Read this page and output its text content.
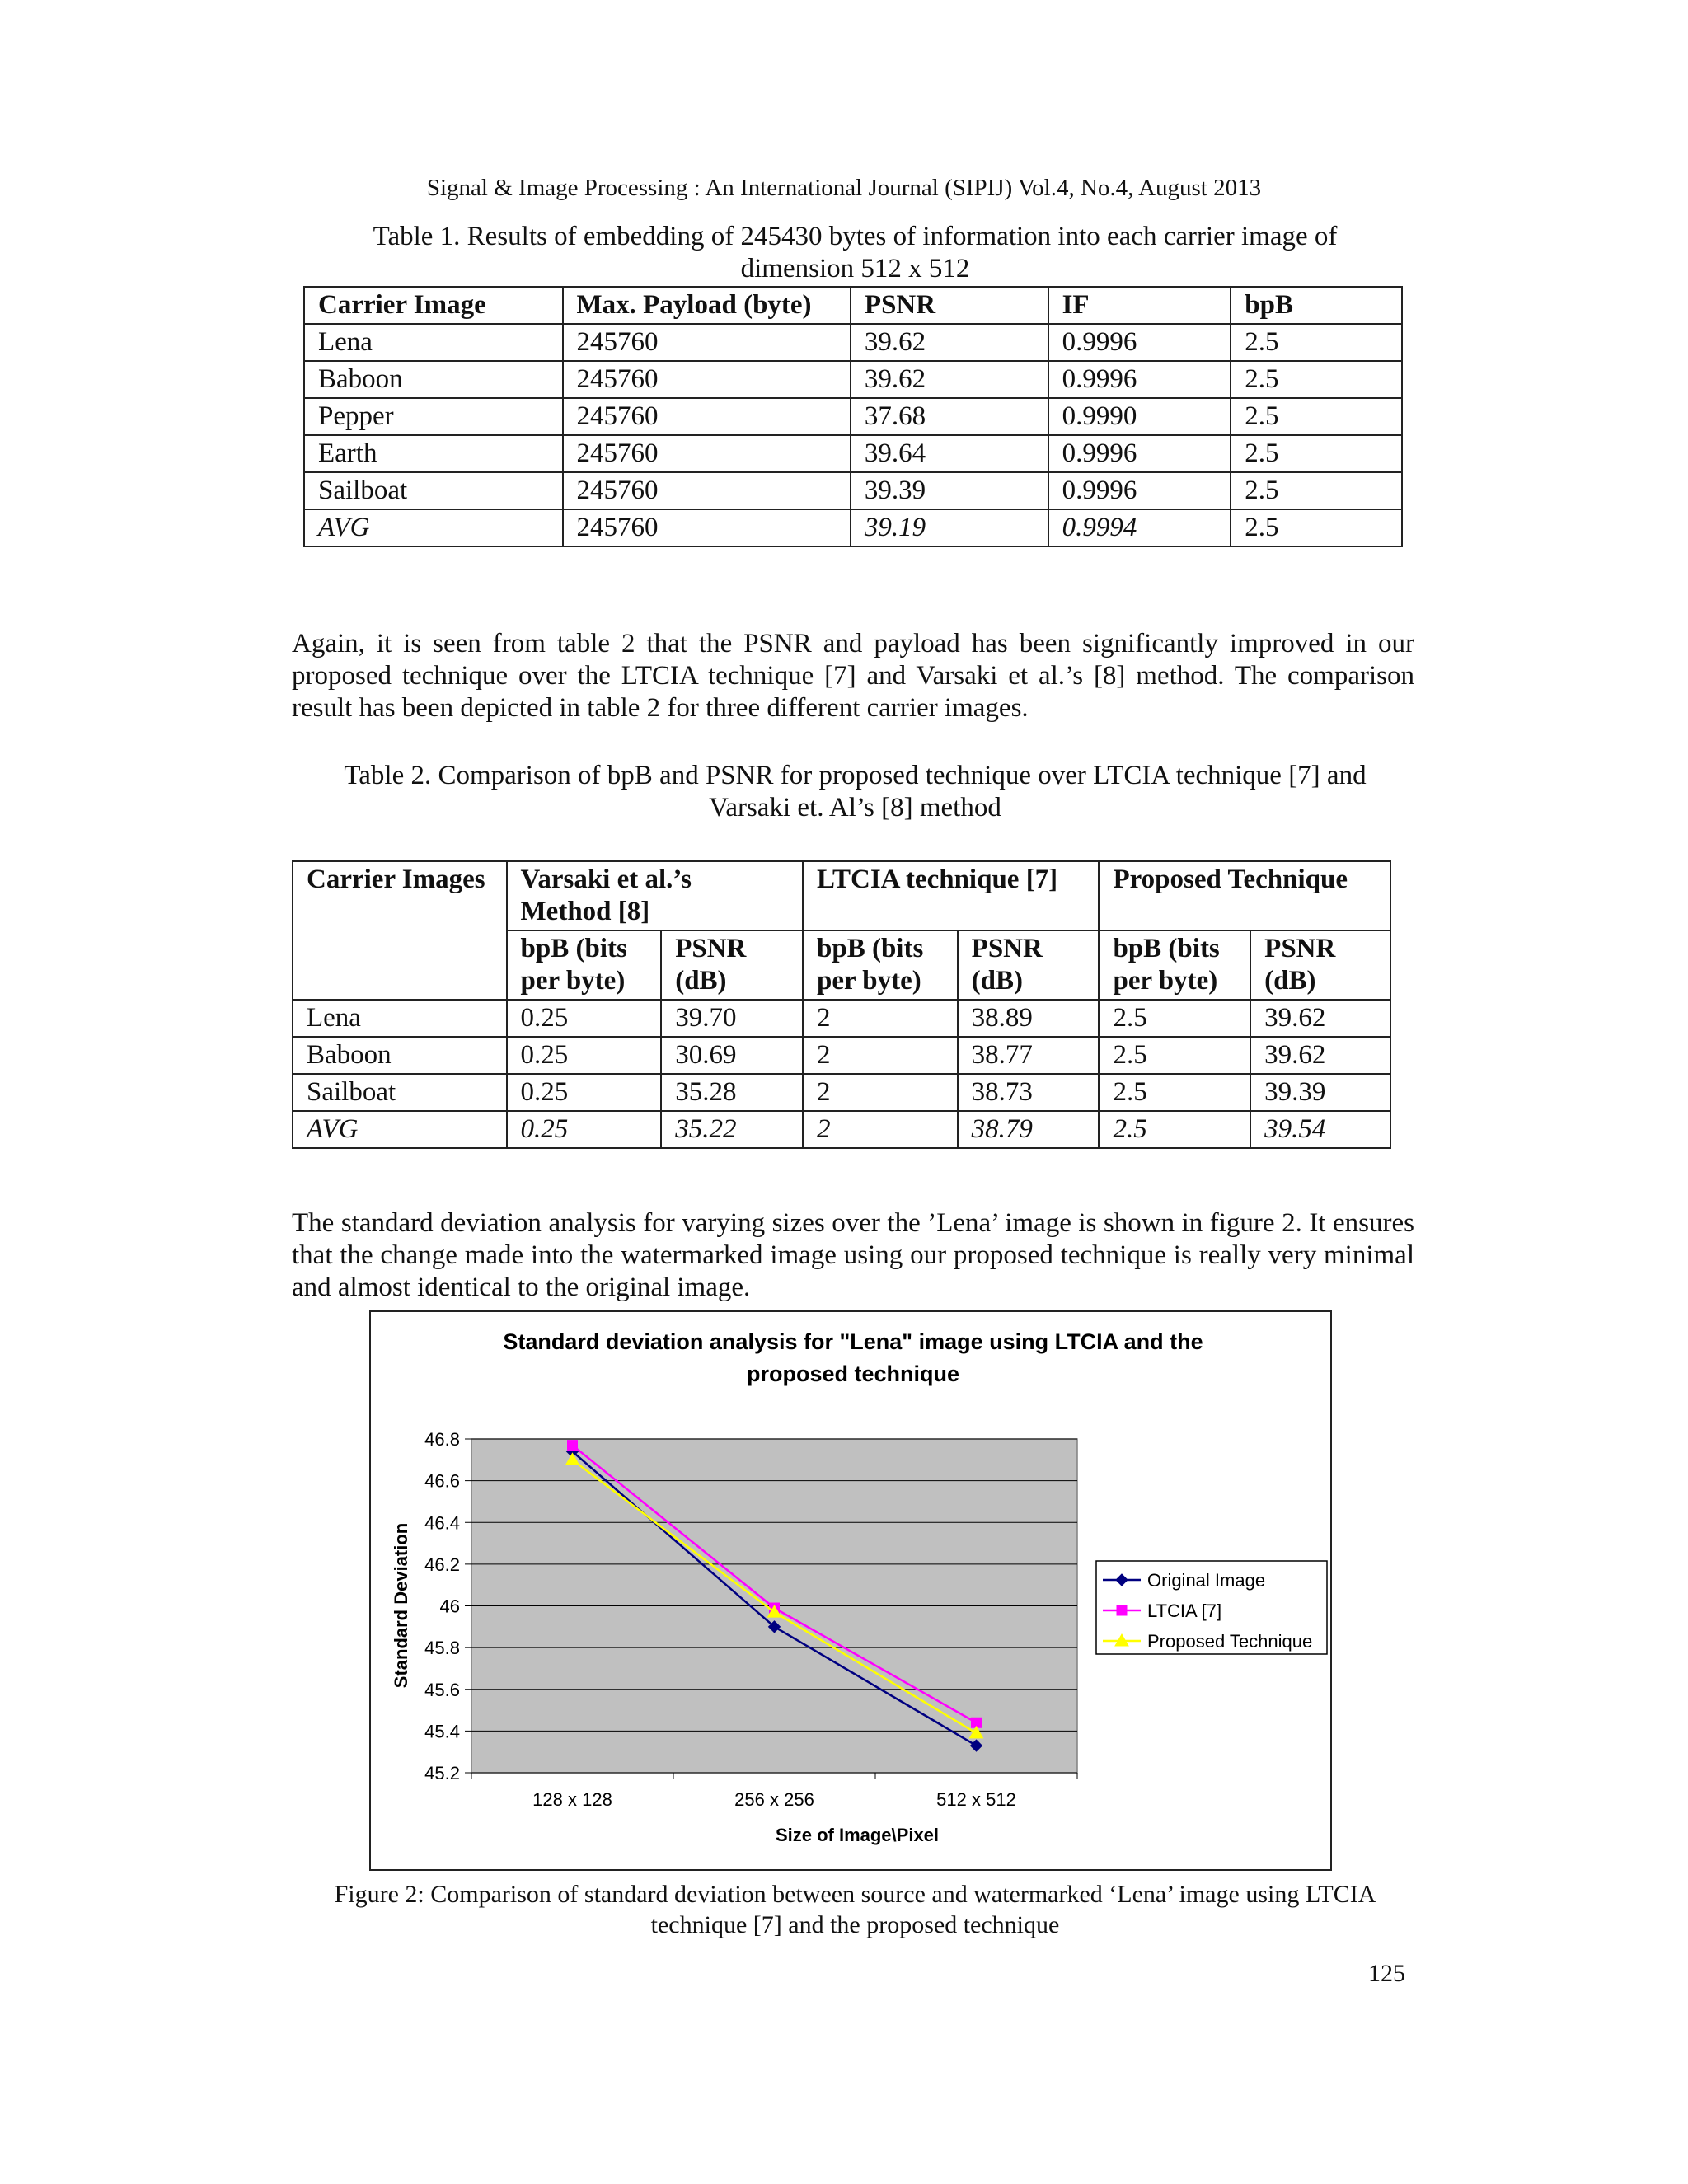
Signal & Image Processing : An International Journal (SIPIJ) Vol.4, No.4, August 2013
Table 1. Results of embedding of 245430 bytes of information into each carrier image of
dimension 512 x 512
Carrier Image	Max. Payload (byte)	PSNR	IF	bpB
Lena	245760	39.62	0.9996	2.5
Baboon	245760	39.62	0.9996	2.5
Pepper	245760	37.68	0.9990	2.5
Earth	245760	39.64	0.9996	2.5
Sailboat	245760	39.39	0.9996	2.5
AVG	245760	39.19	0.9994	2.5
Again, it is seen from table 2 that the PSNR and payload has been significantly improved in our proposed technique over the LTCIA technique [7] and Varsaki et al.’s [8] method. The comparison result has been depicted in table 2 for three different carrier images.
Table 2. Comparison of bpB and PSNR for proposed technique over LTCIA technique [7] and
Varsaki et. Al’s [8] method
Carrier Images	Varsaki et al.’s Method [8]		LTCIA technique [7]		Proposed Technique	
	bpB (bits per byte)	PSNR (dB)	bpB (bits per byte)	PSNR (dB)	bpB (bits per byte)	PSNR (dB)
Lena	0.25	39.70	2	38.89	2.5	39.62
Baboon	0.25	30.69	2	38.77	2.5	39.62
Sailboat	0.25	35.28	2	38.73	2.5	39.39
AVG	0.25	35.22	2	38.79	2.5	39.54
The standard deviation analysis for varying sizes over the ’Lena’ image is shown in figure 2. It ensures that the change made into the watermarked image using our proposed technique is really very minimal and almost identical to the original image.
Standard deviation analysis for "Lena" image using LTCIA and the
proposed technique
46.8
46.6
46.4
46.2
46
45.8
45.6
45.4
45.2
128 x 128	256 x 256	512 x 512
Size of Image\Pixel
Standard Deviation	Original Image
LTCIA [7]
Proposed Technique
Figure 2: Comparison of standard deviation between source and watermarked ‘Lena’ image using LTCIA
technique [7] and the proposed technique
125
